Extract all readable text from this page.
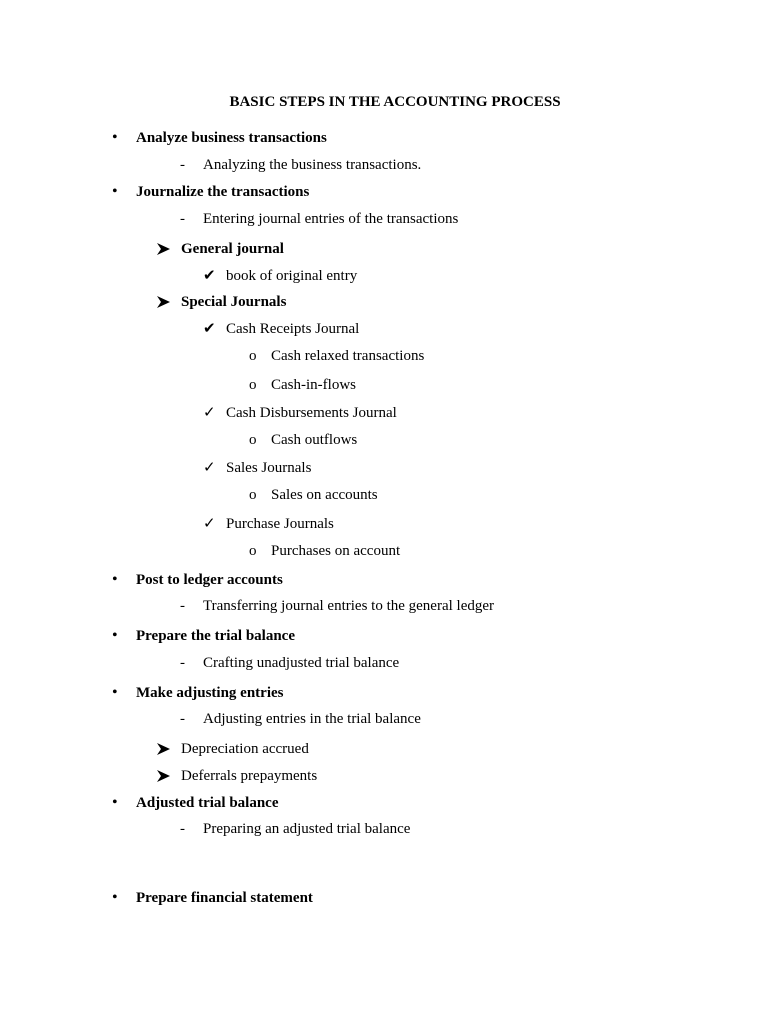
BASIC STEPS IN THE ACCOUNTING PROCESS
• Analyze business transactions
- Analyzing the business transactions.
• Journalize the transactions
- Entering journal entries of the transactions
General journal
✔ book of original entry
Special Journals
✔ Cash Receipts Journal
o Cash relaxed transactions
o Cash-in-flows
✓ Cash Disbursements Journal
o Cash outflows
✓ Sales Journals
o Sales on accounts
✓ Purchase Journals
o Purchases on account
• Post to ledger accounts
- Transferring journal entries to the general ledger
• Prepare the trial balance
- Crafting unadjusted trial balance
• Make adjusting entries
- Adjusting entries in the trial balance
Depreciation accrued
Deferrals prepayments
• Adjusted trial balance
- Preparing an adjusted trial balance
• Prepare financial statement
